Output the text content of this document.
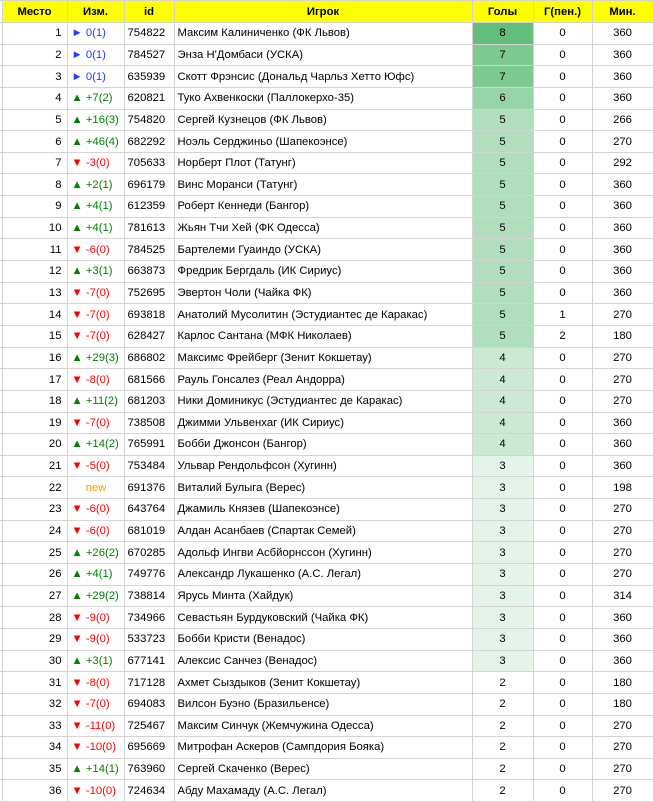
	Место	Изм.	id	Игрок	Голы	Г(пен.)	Мин.
	1	► 0(1)	754822	Максим Калиниченко (ФК Львов)	8	0	360
	2	► 0(1)	784527	Энза Н'Домбаси (УСКА)	7	0	360
	3	► 0(1)	635939	Скотт Фрэнсис (Дональд Чарльз Хеттo Юфс)	7	0	360
	4	▲ +7(2)	620821	Туко Ахвенкоски (Паллокерхо-35)	6	0	360
	5	▲ +16(3)	754820	Сергей Кузнецов (ФК Львов)	5	0	266
	6	▲ +46(4)	682292	Ноэль Серджиньо (Шапекоэнсе)	5	0	270
	7	▼ -3(0)	705633	Норберт Плот (Татунг)	5	0	292
	8	▲ +2(1)	696179	Винс Моранси (Татунг)	5	0	360
	9	▲ +4(1)	612359	Роберт Кеннеди (Бангор)	5	0	360
	10	▲ +4(1)	781613	Жьян Тчи Хей (ФК Одесса)	5	0	360
	11	▼ -6(0)	784525	Бартелеми Гуаиндо (УСКА)	5	0	360
	12	▲ +3(1)	663873	Фредрик Бергдаль (ИК Сириус)	5	0	360
	13	▼ -7(0)	752695	Эвертон Чоли (Чайка ФК)	5	0	360
	14	▼ -7(0)	693818	Анатолий Мусолитин (Эстудиантес де Каракас)	5	1	270
	15	▼ -7(0)	628427	Карлос Сантана (МФК Николаев)	5	2	180
	16	▲ +29(3)	686802	Максимс Фрейберг (Зенит Кокшетау)	4	0	270
	17	▼ -8(0)	681566	Рауль Гонсалез (Реал Андорра)	4	0	270
	18	▲ +11(2)	681203	Ники Доминикус (Эстудиантес де Каракас)	4	0	270
	19	▼ -7(0)	738508	Джимми Ульвенхаг (ИК Сириус)	4	0	360
	20	▲ +14(2)	765991	Бобби Джонсон (Бангор)	4	0	360
	21	▼ -5(0)	753484	Ульвар Рендольфсон (Хугинн)	3	0	360
	22	new	691376	Виталий Булыга (Верес)	3	0	198
	23	▼ -6(0)	643764	Джамиль Князев (Шапекоэнсе)	3	0	270
	24	▼ -6(0)	681019	Алдан Асанбаев (Спартак Семей)	3	0	270
	25	▲ +26(2)	670285	Адольф Ингви Асбйорнссон (Хугинн)	3	0	270
	26	▲ +4(1)	749776	Александр Лукашенко (А.С. Легал)	3	0	270
	27	▲ +29(2)	738814	Ярусь Минта (Хайдук)	3	0	314
	28	▼ -9(0)	734966	Севастьян Бурдуковский (Чайка ФК)	3	0	360
	29	▼ -9(0)	533723	Бобби Кристи (Венадос)	3	0	360
	30	▲ +3(1)	677141	Алексис Санчез (Венадос)	3	0	360
	31	▼ -8(0)	717128	Ахмет Сыздыков (Зенит Кокшетау)	2	0	180
	32	▼ -7(0)	694083	Вилсон Буэно (Бразильенсе)	2	0	180
	33	▼ -11(0)	725467	Максим Синчук (Жемчужина Одесса)	2	0	270
	34	▼ -10(0)	695669	Митрофан Аскеров (Сампдория Бояка)	2	0	270
	35	▲ +14(1)	763960	Сергей Скаченко (Верес)	2	0	270
	36	▼ -10(0)	724634	Абду Махамаду (А.С. Легал)	2	0	270
